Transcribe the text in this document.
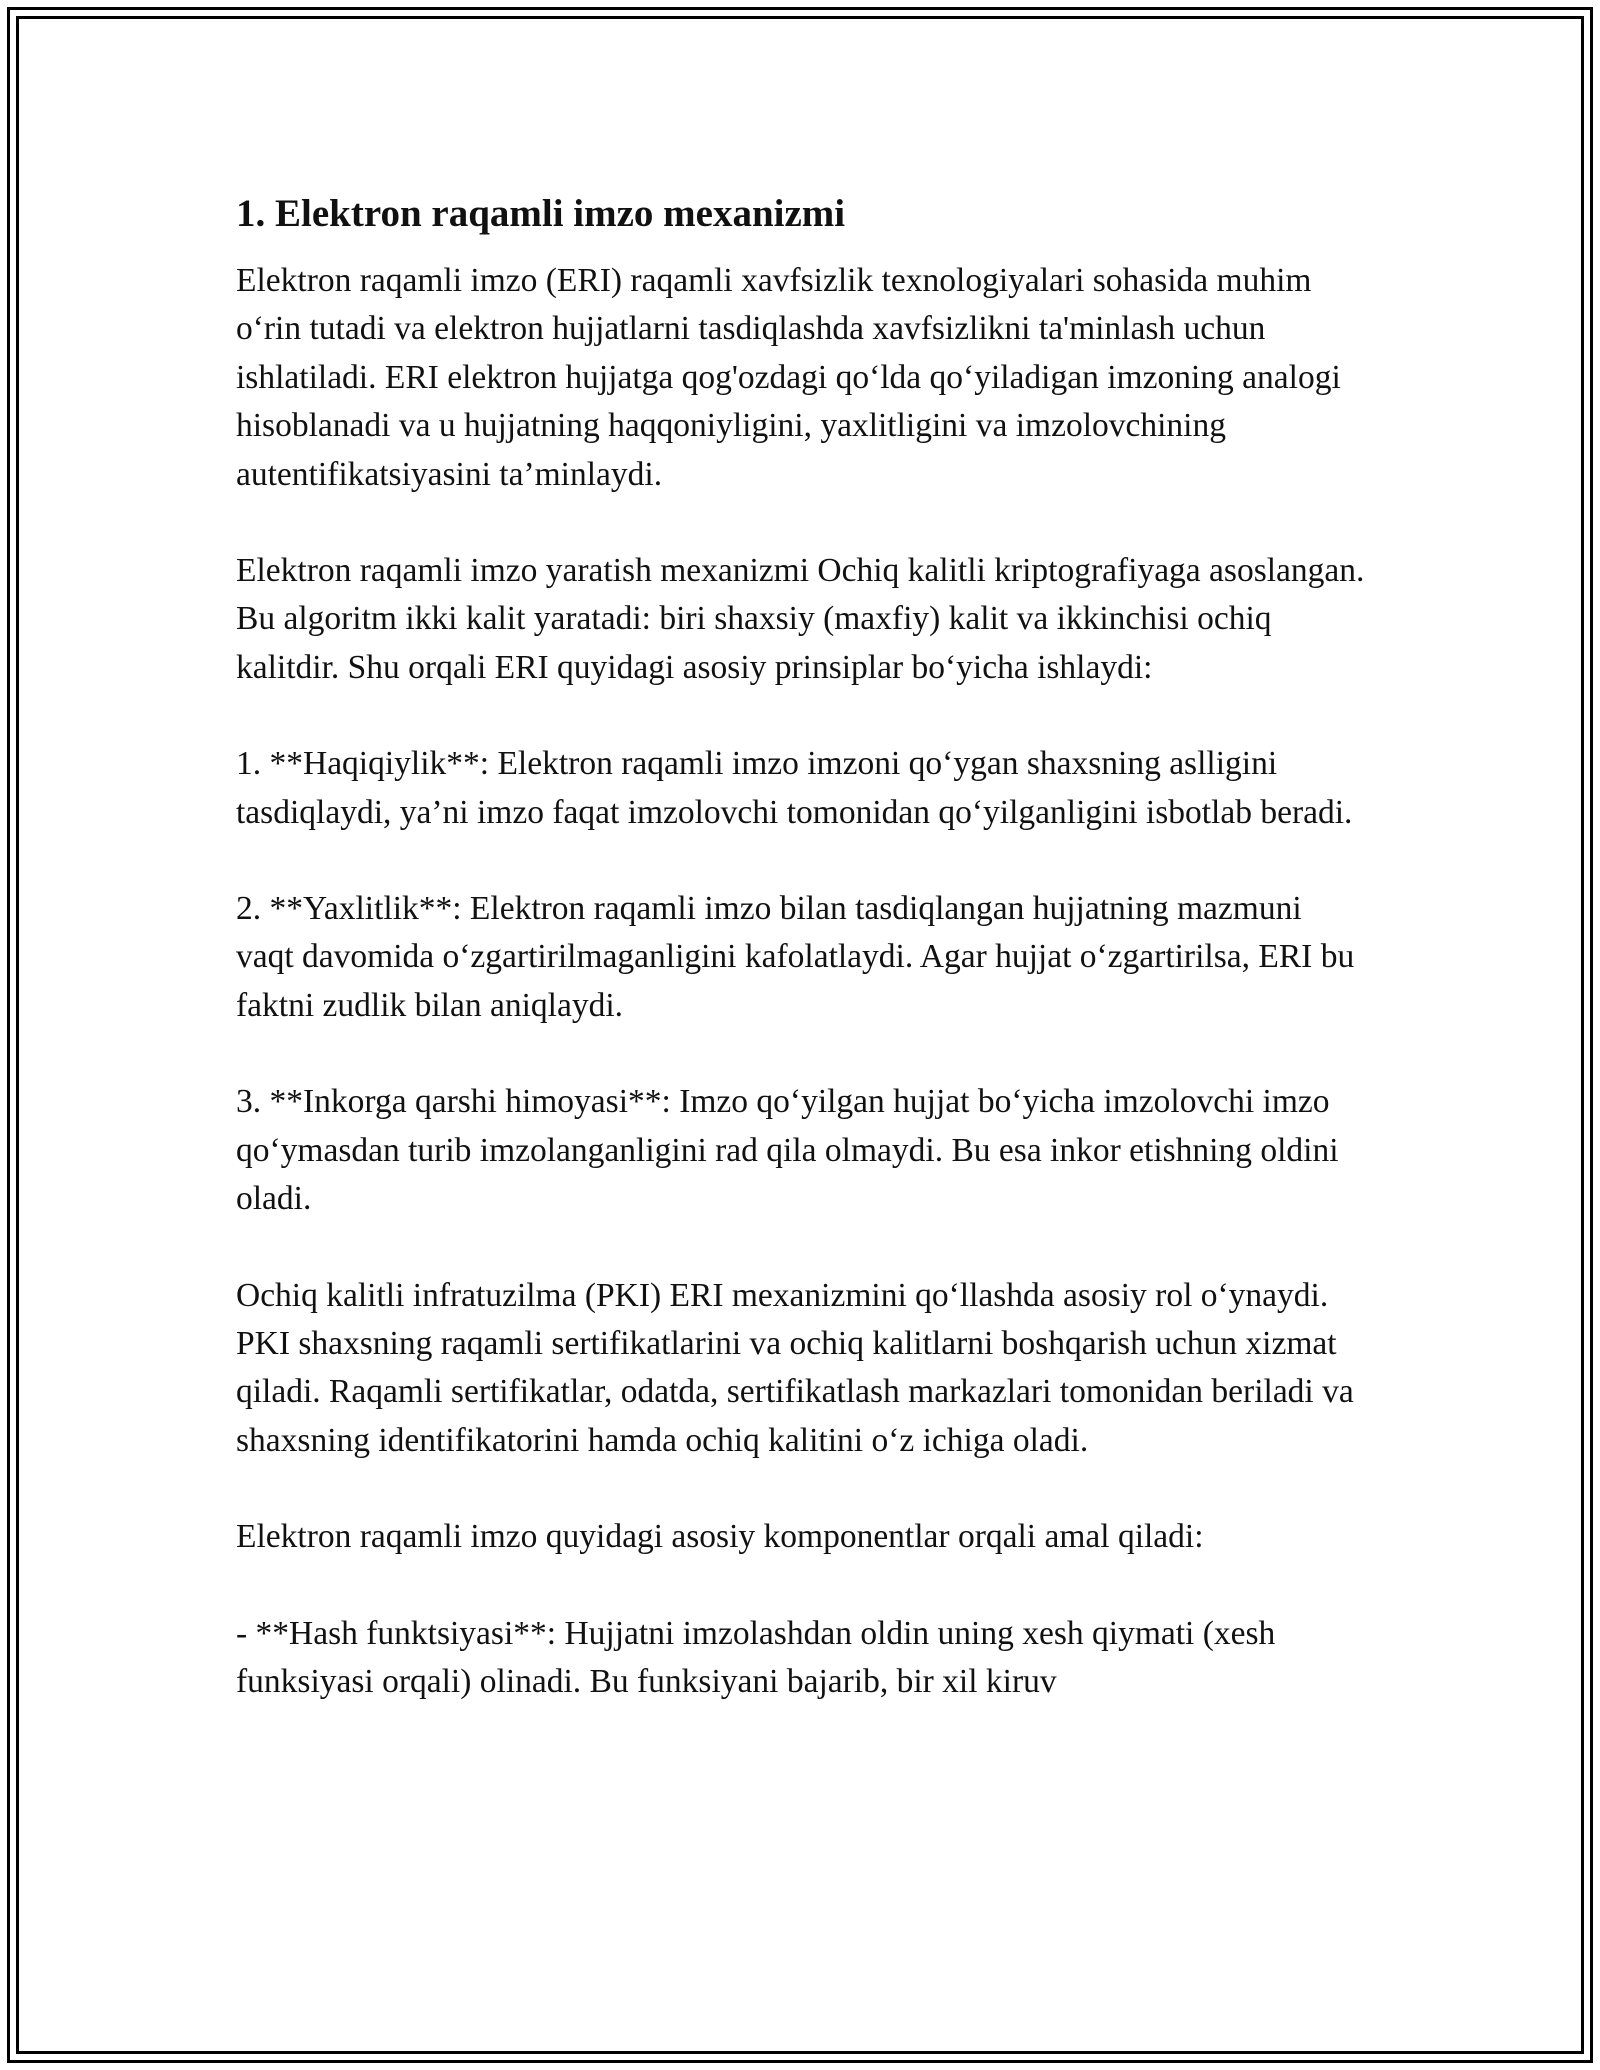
1. Elektron raqamli imzo mexanizmi

Elektron raqamli imzo (ERI) raqamli xavfsizlik texnologiyalari sohasida muhim o‘rin tutadi va elektron hujjatlarni tasdiqlashda xavfsizlikni ta'minlash uchun ishlatiladi. ERI elektron hujjatga qog'ozdagi qo‘lda qo‘yiladigan imzoning analogi hisoblanadi va u hujjatning haqqoniyligini, yaxlitligini va imzolovchining autentifikatsiyasini ta’minlaydi.

Elektron raqamli imzo yaratish mexanizmi Ochiq kalitli kriptografiyaga asoslangan. Bu algoritm ikki kalit yaratadi: biri shaxsiy (maxfiy) kalit va ikkinchisi ochiq kalitdir. Shu orqali ERI quyidagi asosiy prinsiplar bo‘yicha ishlaydi:

1. **Haqiqiylik**: Elektron raqamli imzo imzoni qo‘ygan shaxsning aslligini tasdiqlaydi, ya’ni imzo faqat imzolovchi tomonidan qo‘yilganligini isbotlab beradi.

2. **Yaxlitlik**: Elektron raqamli imzo bilan tasdiqlangan hujjatning mazmuni vaqt davomida o‘zgartirilmaganligini kafolatlaydi. Agar hujjat o‘zgartirilsa, ERI bu faktni zudlik bilan aniqlaydi.

3. **Inkorga qarshi himoyasi**: Imzo qo‘yilgan hujjat bo‘yicha imzolovchi imzo qo‘ymasdan turib imzolanganligini rad qila olmaydi. Bu esa inkor etishning oldini oladi.

Ochiq kalitli infratuzilma (PKI) ERI mexanizmini qo‘llashda asosiy rol o‘ynaydi. PKI shaxsning raqamli sertifikatlarini va ochiq kalitlarni boshqarish uchun xizmat qiladi. Raqamli sertifikatlar, odatda, sertifikatlash markazlari tomonidan beriladi va shaxsning identifikatorini hamda ochiq kalitini o‘z ichiga oladi.

Elektron raqamli imzo quyidagi asosiy komponentlar orqali amal qiladi:

- **Hash funktsiyasi**: Hujjatni imzolashdan oldin uning xesh qiymati (xesh funksiyasi orqali) olinadi. Bu funksiyani bajarib, bir xil kiruv
